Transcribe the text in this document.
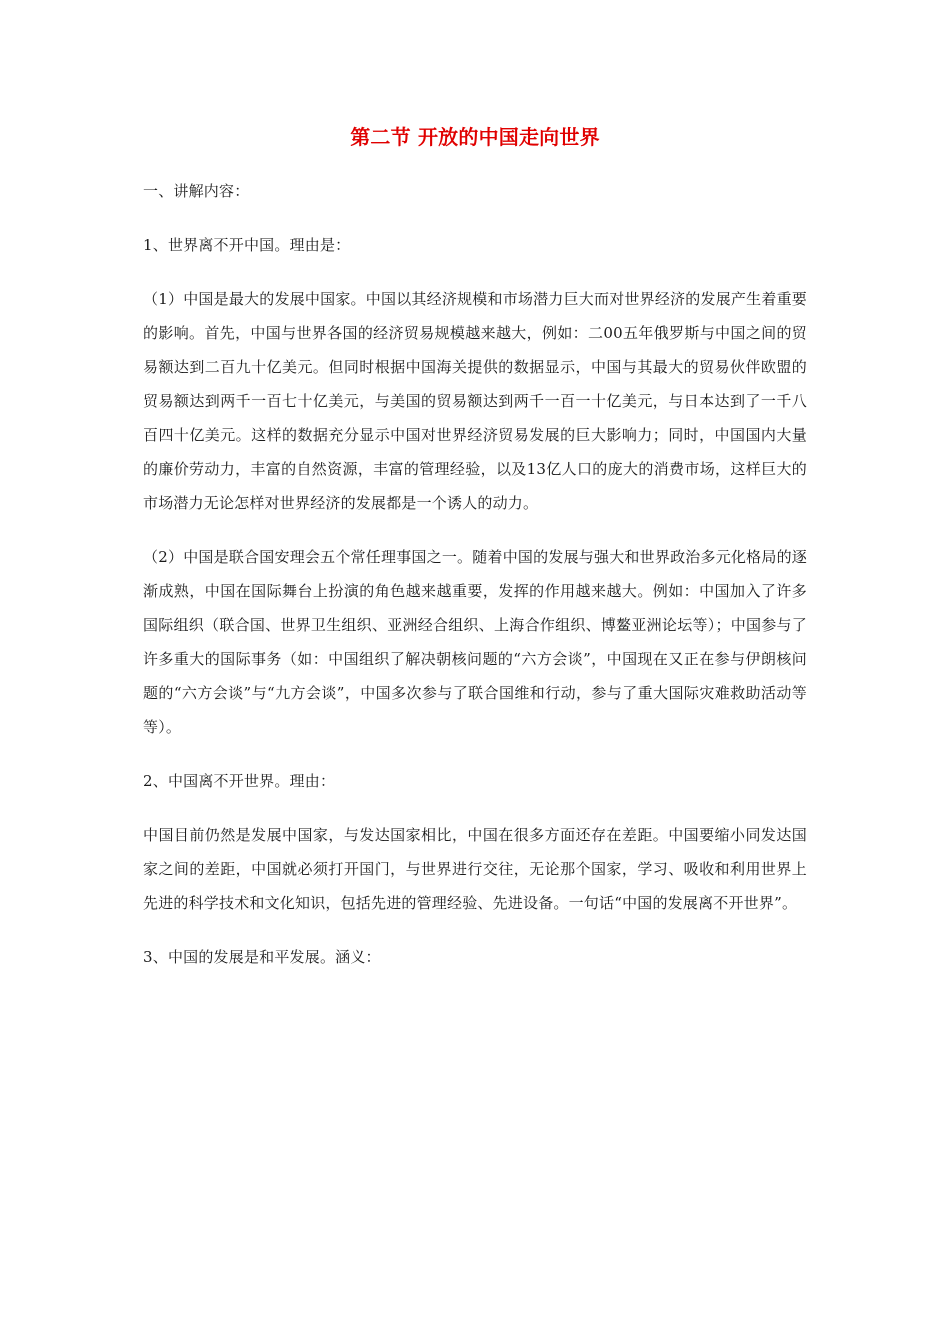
第二节 开放的中国走向世界

一、讲解内容：

1、世界离不开中国。理由是：

（1）中国是最大的发展中国家。中国以其经济规模和市场潜力巨大而对世界经济的发展产生着重要的影响。首先，中国与世界各国的经济贸易规模越来越大，例如：二00五年俄罗斯与中国之间的贸易额达到二百九十亿美元。但同时根据中国海关提供的数据显示，中国与其最大的贸易伙伴欧盟的贸易额达到两千一百七十亿美元，与美国的贸易额达到两千一百一十亿美元，与日本达到了一千八百四十亿美元。这样的数据充分显示中国对世界经济贸易发展的巨大影响力；同时，中国国内大量的廉价劳动力，丰富的自然资源，丰富的管理经验，以及13亿人口的庞大的消费市场，这样巨大的市场潜力无论怎样对世界经济的发展都是一个诱人的动力。

（2）中国是联合国安理会五个常任理事国之一。随着中国的发展与强大和世界政治多元化格局的逐渐成熟，中国在国际舞台上扮演的角色越来越重要，发挥的作用越来越大。例如：中国加入了许多国际组织（联合国、世界卫生组织、亚洲经合组织、上海合作组织、博鳌亚洲论坛等）；中国参与了许多重大的国际事务（如：中国组织了解决朝核问题的“六方会谈”，中国现在又正在参与伊朗核问题的“六方会谈”与“九方会谈”，中国多次参与了联合国维和行动，参与了重大国际灾难救助活动等等）。

2、中国离不开世界。理由：

中国目前仍然是发展中国家，与发达国家相比，中国在很多方面还存在差距。中国要缩小同发达国家之间的差距，中国就必须打开国门，与世界进行交往，无论那个国家，学习、吸收和利用世界上先进的科学技术和文化知识，包括先进的管理经验、先进设备。一句话“中国的发展离不开世界”。

3、中国的发展是和平发展。涵义：
